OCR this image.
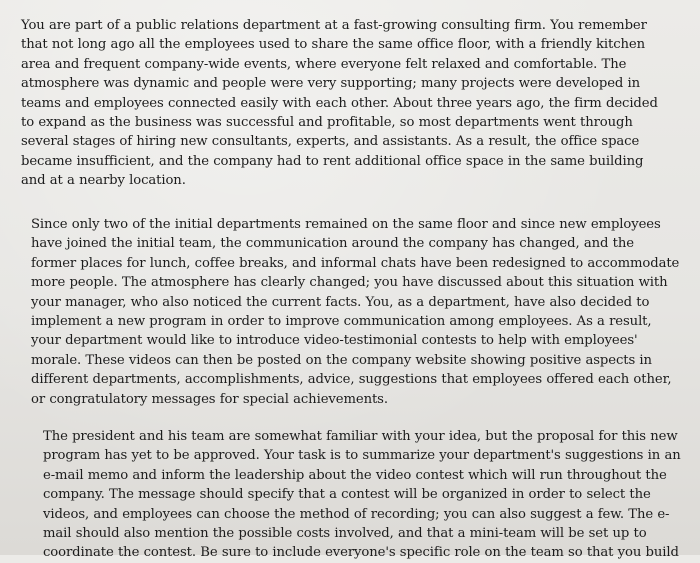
You are part of a public relations department at a fast-growing consulting firm. You remember
that not long ago all the employees used to share the same office floor, with a friendly kitchen
area and frequent company-wide events, where everyone felt relaxed and comfortable. The
atmosphere was dynamic and people were very supporting; many projects were developed in
teams and employees connected easily with each other. About three years ago, the firm decided
to expand as the business was successful and profitable, so most departments went through
several stages of hiring new consultants, experts, and assistants. As a result, the office space
became insufficient, and the company had to rent additional office space in the same building
and at a nearby location.

Since only two of the initial departments remained on the same floor and since new employees
have joined the initial team, the communication around the company has changed, and the
former places for lunch, coffee breaks, and informal chats have been redesigned to accommodate
more people. The atmosphere has clearly changed; you have discussed about this situation with
your manager, who also noticed the current facts. You, as a department, have also decided to
implement a new program in order to improve communication among employees. As a result,
your department would like to introduce video-testimonial contests to help with employees'
morale. These videos can then be posted on the company website showing positive aspects in
different departments, accomplishments, advice, suggestions that employees offered each other,
or congratulatory messages for special achievements.

The president and his team are somewhat familiar with your idea, but the proposal for this new
program has yet to be approved. Your task is to summarize your department's suggestions in an
e-mail memo and inform the leadership about the video contest which will run throughout the
company. The message should specify that a contest will be organized in order to select the
videos, and employees can choose the method of recording; you can also suggest a few. The e-
mail should also mention the possible costs involved, and that a mini-team will be set up to
coordinate the contest. Be sure to include everyone's specific role on the team so that you build
